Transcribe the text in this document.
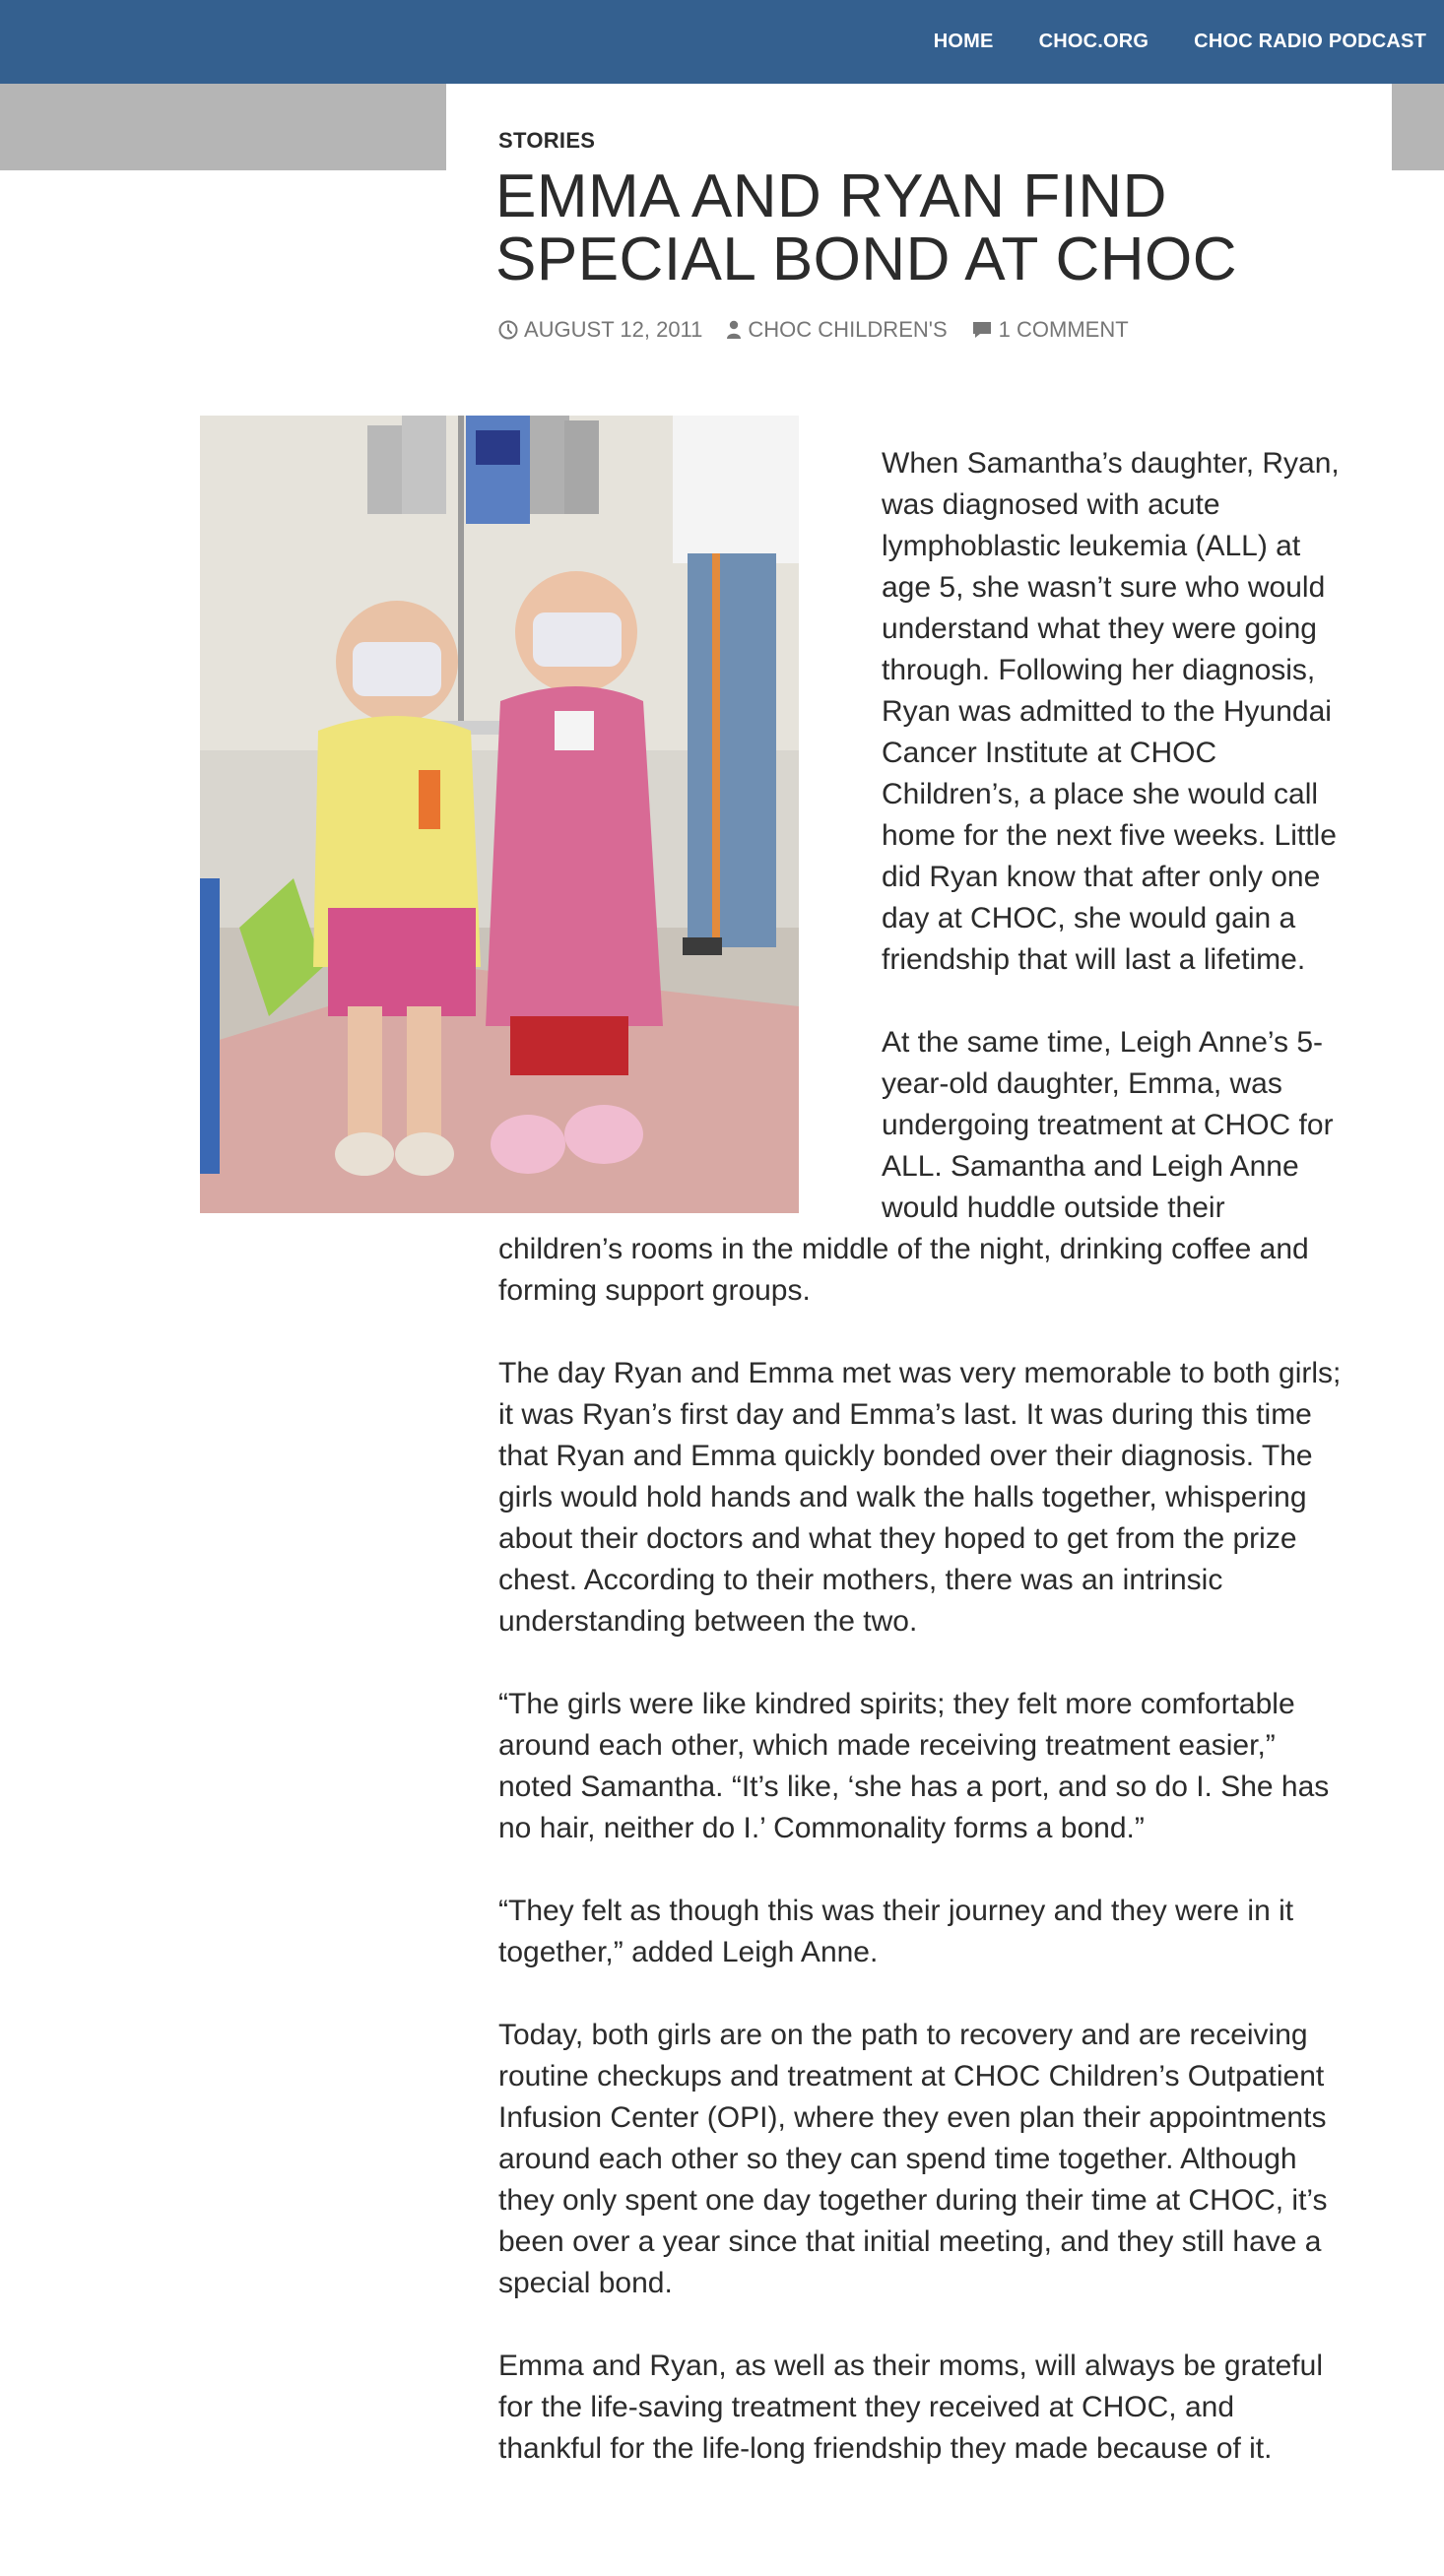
HOME CHOC.ORG CHOC RADIO PODCAST
STORIES
EMMA AND RYAN FIND SPECIAL BOND AT CHOC
AUGUST 12, 2011 CHOC CHILDREN'S 1 COMMENT

When Samantha’s daughter, Ryan, was diagnosed with acute lymphoblastic leukemia (ALL) at age 5, she wasn’t sure who would understand what they were going through. Following her diagnosis, Ryan was admitted to the Hyundai Cancer Institute at CHOC Children’s, a place she would call home for the next five weeks. Little did Ryan know that after only one day at CHOC, she would gain a friendship that will last a lifetime.

At the same time, Leigh Anne’s 5-year-old daughter, Emma, was undergoing treatment at CHOC for ALL. Samantha and Leigh Anne would huddle outside their children’s rooms in the middle of the night, drinking coffee and forming support groups.

The day Ryan and Emma met was very memorable to both girls; it was Ryan’s first day and Emma’s last. It was during this time that Ryan and Emma quickly bonded over their diagnosis. The girls would hold hands and walk the halls together, whispering about their doctors and what they hoped to get from the prize chest. According to their mothers, there was an intrinsic understanding between the two.

“The girls were like kindred spirits; they felt more comfortable around each other, which made receiving treatment easier,” noted Samantha. “It’s like, ‘she has a port, and so do I. She has no hair, neither do I.’ Commonality forms a bond.”

“They felt as though this was their journey and they were in it together,” added Leigh Anne.

Today, both girls are on the path to recovery and are receiving routine checkups and treatment at CHOC Children’s Outpatient Infusion Center (OPI), where they even plan their appointments around each other so they can spend time together. Although they only spent one day together during their time at CHOC, it’s been over a year since that initial meeting, and they still have a special bond.

Emma and Ryan, as well as their moms, will always be grateful for the life-saving treatment they received at CHOC, and thankful for the life-long friendship they made because of it.
